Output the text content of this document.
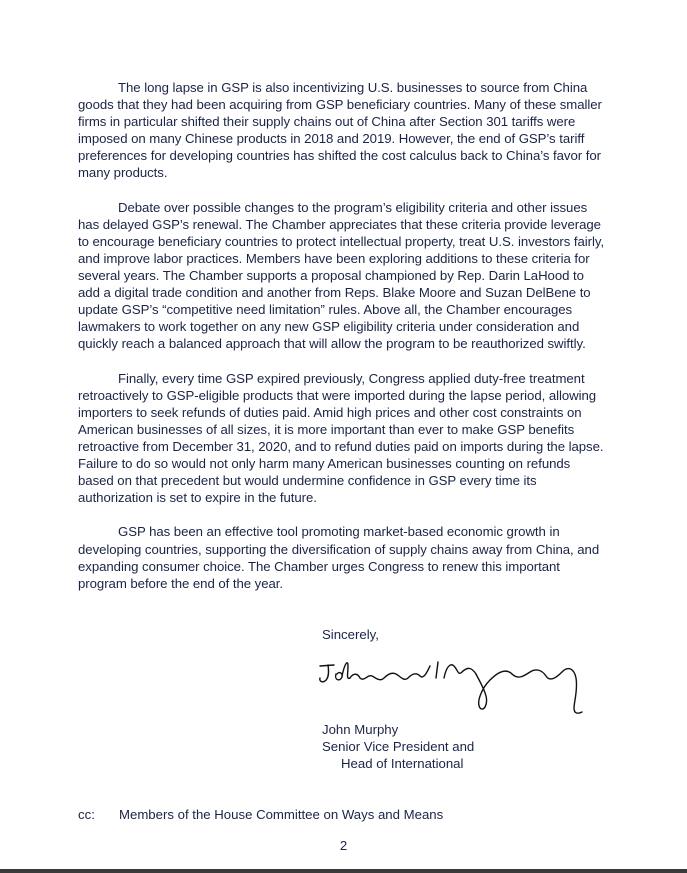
The long lapse in GSP is also incentivizing U.S. businesses to source from China goods that they had been acquiring from GSP beneficiary countries. Many of these smaller firms in particular shifted their supply chains out of China after Section 301 tariffs were imposed on many Chinese products in 2018 and 2019. However, the end of GSP’s tariff preferences for developing countries has shifted the cost calculus back to China’s favor for many products.

Debate over possible changes to the program’s eligibility criteria and other issues has delayed GSP’s renewal. The Chamber appreciates that these criteria provide leverage to encourage beneficiary countries to protect intellectual property, treat U.S. investors fairly, and improve labor practices. Members have been exploring additions to these criteria for several years. The Chamber supports a proposal championed by Rep. Darin LaHood to add a digital trade condition and another from Reps. Blake Moore and Suzan DelBene to update GSP’s “competitive need limitation” rules. Above all, the Chamber encourages lawmakers to work together on any new GSP eligibility criteria under consideration and quickly reach a balanced approach that will allow the program to be reauthorized swiftly.

Finally, every time GSP expired previously, Congress applied duty-free treatment retroactively to GSP-eligible products that were imported during the lapse period, allowing importers to seek refunds of duties paid. Amid high prices and other cost constraints on American businesses of all sizes, it is more important than ever to make GSP benefits retroactive from December 31, 2020, and to refund duties paid on imports during the lapse. Failure to do so would not only harm many American businesses counting on refunds based on that precedent but would undermine confidence in GSP every time its authorization is set to expire in the future.

GSP has been an effective tool promoting market-based economic growth in developing countries, supporting the diversification of supply chains away from China, and expanding consumer choice. The Chamber urges Congress to renew this important program before the end of the year.

Sincerely,
John Murphy
Senior Vice President and
Head of International
cc: Members of the House Committee on Ways and Means
2
